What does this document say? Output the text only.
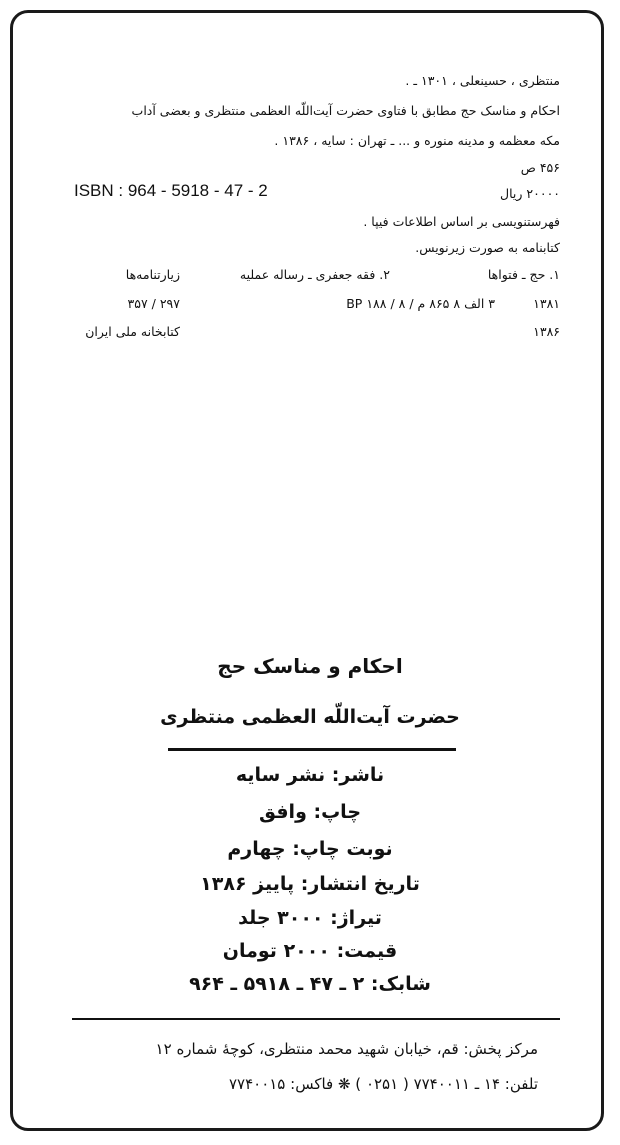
منتظری ، حسینعلی ، ۱۳۰۱ ـ .
احکام و مناسک حج مطابق با فتاوی حضرت آیت‌اللّه العظمی منتظری و بعضی آداب
مکه معظمه و مدینه منوره و ... ـ تهران : سایه ، ۱۳۸۶ .
۴۵۶ ص
۲۰۰۰۰ ریال
ISBN : 964 - 5918 - 47 - 2
فهرستنویسی بر اساس اطلاعات فیپا .
کتابنامه به صورت زیرنویس.
۱. حج ـ فتواها
۲. فقه جعفری ـ رساله عملیه
زیارتنامه‌ها
۱۳۸۱
۳ الف ۸ ۸۶۵ م / ۸ / ۱۸۸ BP
۲۹۷ / ۳۵۷
۱۳۸۶
کتابخانه ملی ایران
احکام و مناسک حج
حضرت آیت‌اللّه العظمی منتظری
ناشر: نشر سایه
چاپ: وافق
نوبت چاپ: چهارم
تاریخ انتشار: پاییز ۱۳۸۶
تیراژ: ۳۰۰۰ جلد
قیمت: ۲۰۰۰ تومان
شابک: ۲ ـ ۴۷ ـ ۵۹۱۸ ـ ۹۶۴
مرکز پخش: قم، خیابان شهید محمد منتظری، کوچهٔ شماره ۱۲
تلفن: ۱۴ ـ ۷۷۴۰۰۱۱ ( ۰۲۵۱ ) ❋ فاکس: ۷۷۴۰۰۱۵
